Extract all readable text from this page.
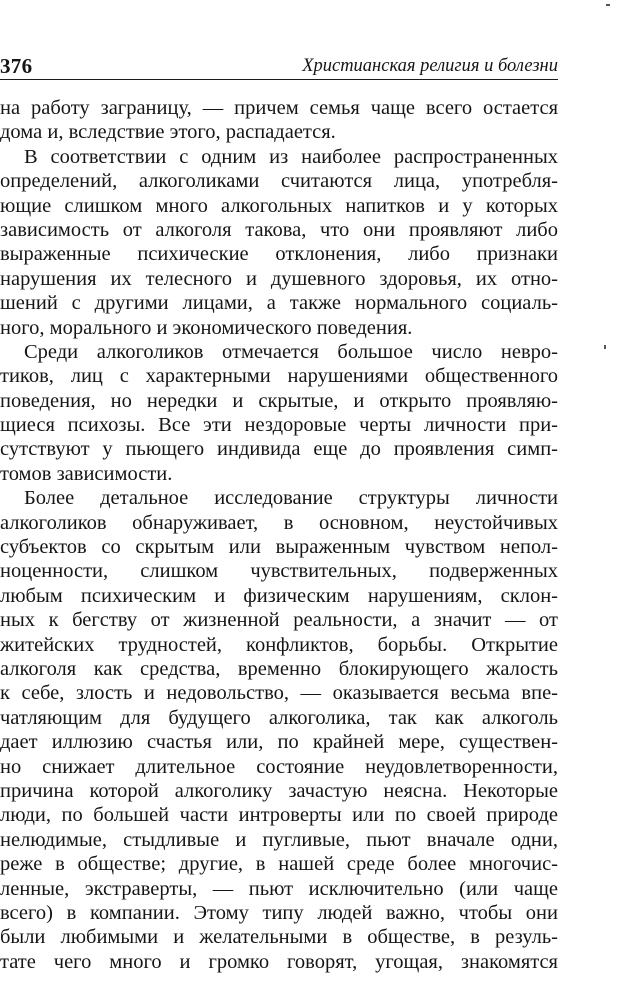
376	Христианская религия и болезни
на работу заграницу, — причем семья чаще всего остается
дома и, вследствие этого, распадается.
В соответствии с одним из наиболее распространенных
определений, алкоголиками считаются лица, употребля-
ющие слишком много алкогольных напитков и у которых
зависимость от алкоголя такова, что они проявляют либо
выраженные психические отклонения, либо признаки
нарушения их телесного и душевного здоровья, их отно-
шений с другими лицами, а также нормального социаль-
ного, морального и экономического поведения.
Среди алкоголиков отмечается большое число невро-
тиков, лиц с характерными нарушениями общественного
поведения, но нередки и скрытые, и открыто проявляю-
щиеся психозы. Все эти нездоровые черты личности при-
сутствуют у пьющего индивида еще до проявления симп-
томов зависимости.
Более детальное исследование структуры личности
алкоголиков обнаруживает, в основном, неустойчивых
субъектов со скрытым или выраженным чувством непол-
ноценности, слишком чувствительных, подверженных
любым психическим и физическим нарушениям, склон-
ных к бегству от жизненной реальности, а значит — от
житейских трудностей, конфликтов, борьбы. Открытие
алкоголя как средства, временно блокирующего жалость
к себе, злость и недовольство, — оказывается весьма впе-
чатляющим для будущего алкоголика, так как алкоголь
дает иллюзию счастья или, по крайней мере, существен-
но снижает длительное состояние неудовлетворенности,
причина которой алкоголику зачастую неясна. Некоторые
люди, по большей части интроверты или по своей природе
нелюдимые, стыдливые и пугливые, пьют вначале одни,
реже в обществе; другие, в нашей среде более многочис-
ленные, экстраверты, — пьют исключительно (или чаще
всего) в компании. Этому типу людей важно, чтобы они
были любимыми и желательными в обществе, в резуль-
тате чего много и громко говорят, угощая, знакомятся
